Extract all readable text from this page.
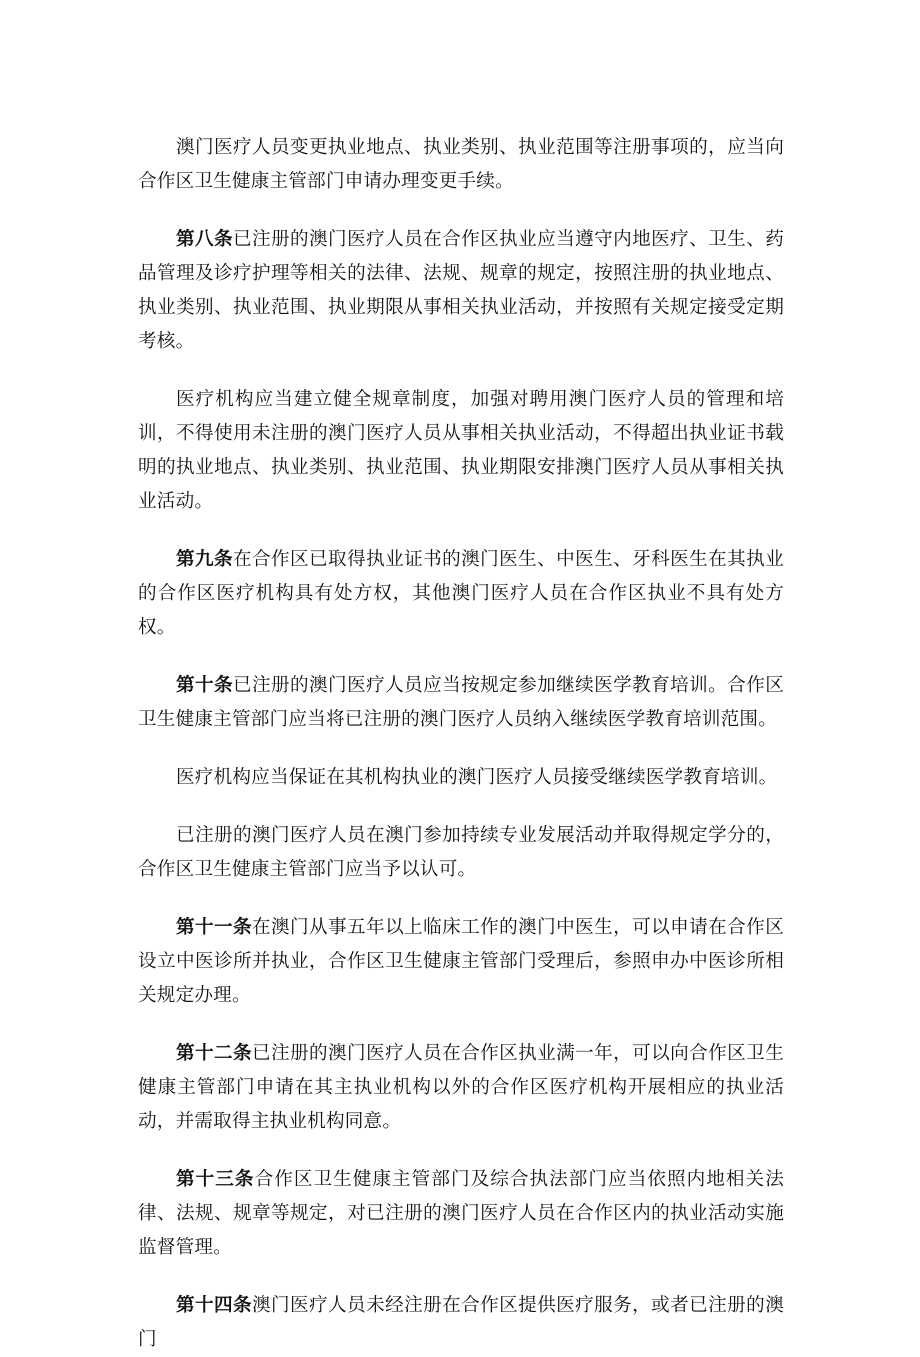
澳门医疗人员变更执业地点、执业类别、执业范围等注册事项的，应当向合作区卫生健康主管部门申请办理变更手续。

第八条已注册的澳门医疗人员在合作区执业应当遵守内地医疗、卫生、药品管理及诊疗护理等相关的法律、法规、规章的规定，按照注册的执业地点、执业类别、执业范围、执业期限从事相关执业活动，并按照有关规定接受定期考核。

医疗机构应当建立健全规章制度，加强对聘用澳门医疗人员的管理和培训，不得使用未注册的澳门医疗人员从事相关执业活动，不得超出执业证书载明的执业地点、执业类别、执业范围、执业期限安排澳门医疗人员从事相关执业活动。

第九条在合作区已取得执业证书的澳门医生、中医生、牙科医生在其执业的合作区医疗机构具有处方权，其他澳门医疗人员在合作区执业不具有处方权。

第十条已注册的澳门医疗人员应当按规定参加继续医学教育培训。合作区卫生健康主管部门应当将已注册的澳门医疗人员纳入继续医学教育培训范围。

医疗机构应当保证在其机构执业的澳门医疗人员接受继续医学教育培训。

已注册的澳门医疗人员在澳门参加持续专业发展活动并取得规定学分的，合作区卫生健康主管部门应当予以认可。

第十一条在澳门从事五年以上临床工作的澳门中医生，可以申请在合作区设立中医诊所并执业，合作区卫生健康主管部门受理后，参照申办中医诊所相关规定办理。

第十二条已注册的澳门医疗人员在合作区执业满一年，可以向合作区卫生健康主管部门申请在其主执业机构以外的合作区医疗机构开展相应的执业活动，并需取得主执业机构同意。

第十三条合作区卫生健康主管部门及综合执法部门应当依照内地相关法律、法规、规章等规定，对已注册的澳门医疗人员在合作区内的执业活动实施监督管理。

第十四条澳门医疗人员未经注册在合作区提供医疗服务，或者已注册的澳门
